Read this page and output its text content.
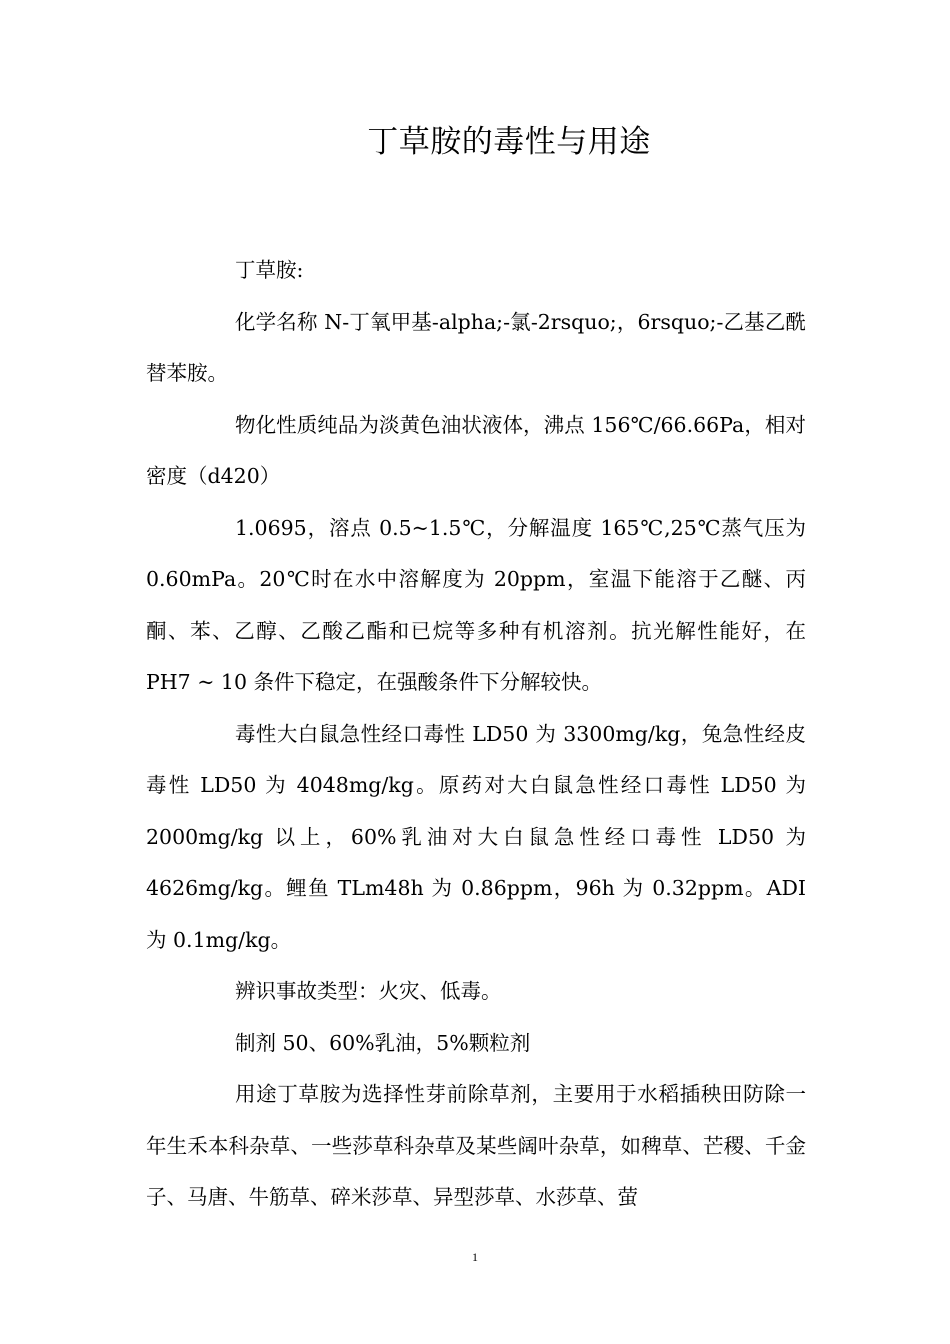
丁草胺的毒性与用途

丁草胺:

化学名称 N-丁氧甲基-alpha;-氯-2rsquo;，6rsquo;-乙基乙酰替苯胺。

物化性质纯品为淡黄色油状液体，沸点 156℃/66.66Pa，相对密度（d420）

1.0695，溶点 0.5~1.5℃，分解温度 165℃,25℃蒸气压为 0.60mPa。20℃时在水中溶解度为 20ppm，室温下能溶于乙醚、丙酮、苯、乙醇、乙酸乙酯和已烷等多种有机溶剂。抗光解性能好，在 PH7 ~ 10 条件下稳定，在强酸条件下分解较快。

毒性大白鼠急性经口毒性 LD50 为 3300mg/kg，兔急性经皮毒性 LD50 为 4048mg/kg。原药对大白鼠急性经口毒性 LD50 为 2000mg/kg 以上，60%乳油对大白鼠急性经口毒性 LD50 为 4626mg/kg。鲤鱼 TLm48h 为 0.86ppm，96h 为 0.32ppm。ADI 为 0.1mg/kg。

辨识事故类型：火灾、低毒。

制剂 50、60%乳油，5%颗粒剂

用途丁草胺为选择性芽前除草剂，主要用于水稻插秧田防除一年生禾本科杂草、一些莎草科杂草及某些阔叶杂草，如稗草、芒稷、千金子、马唐、牛筋草、碎米莎草、异型莎草、水莎草、萤

1
